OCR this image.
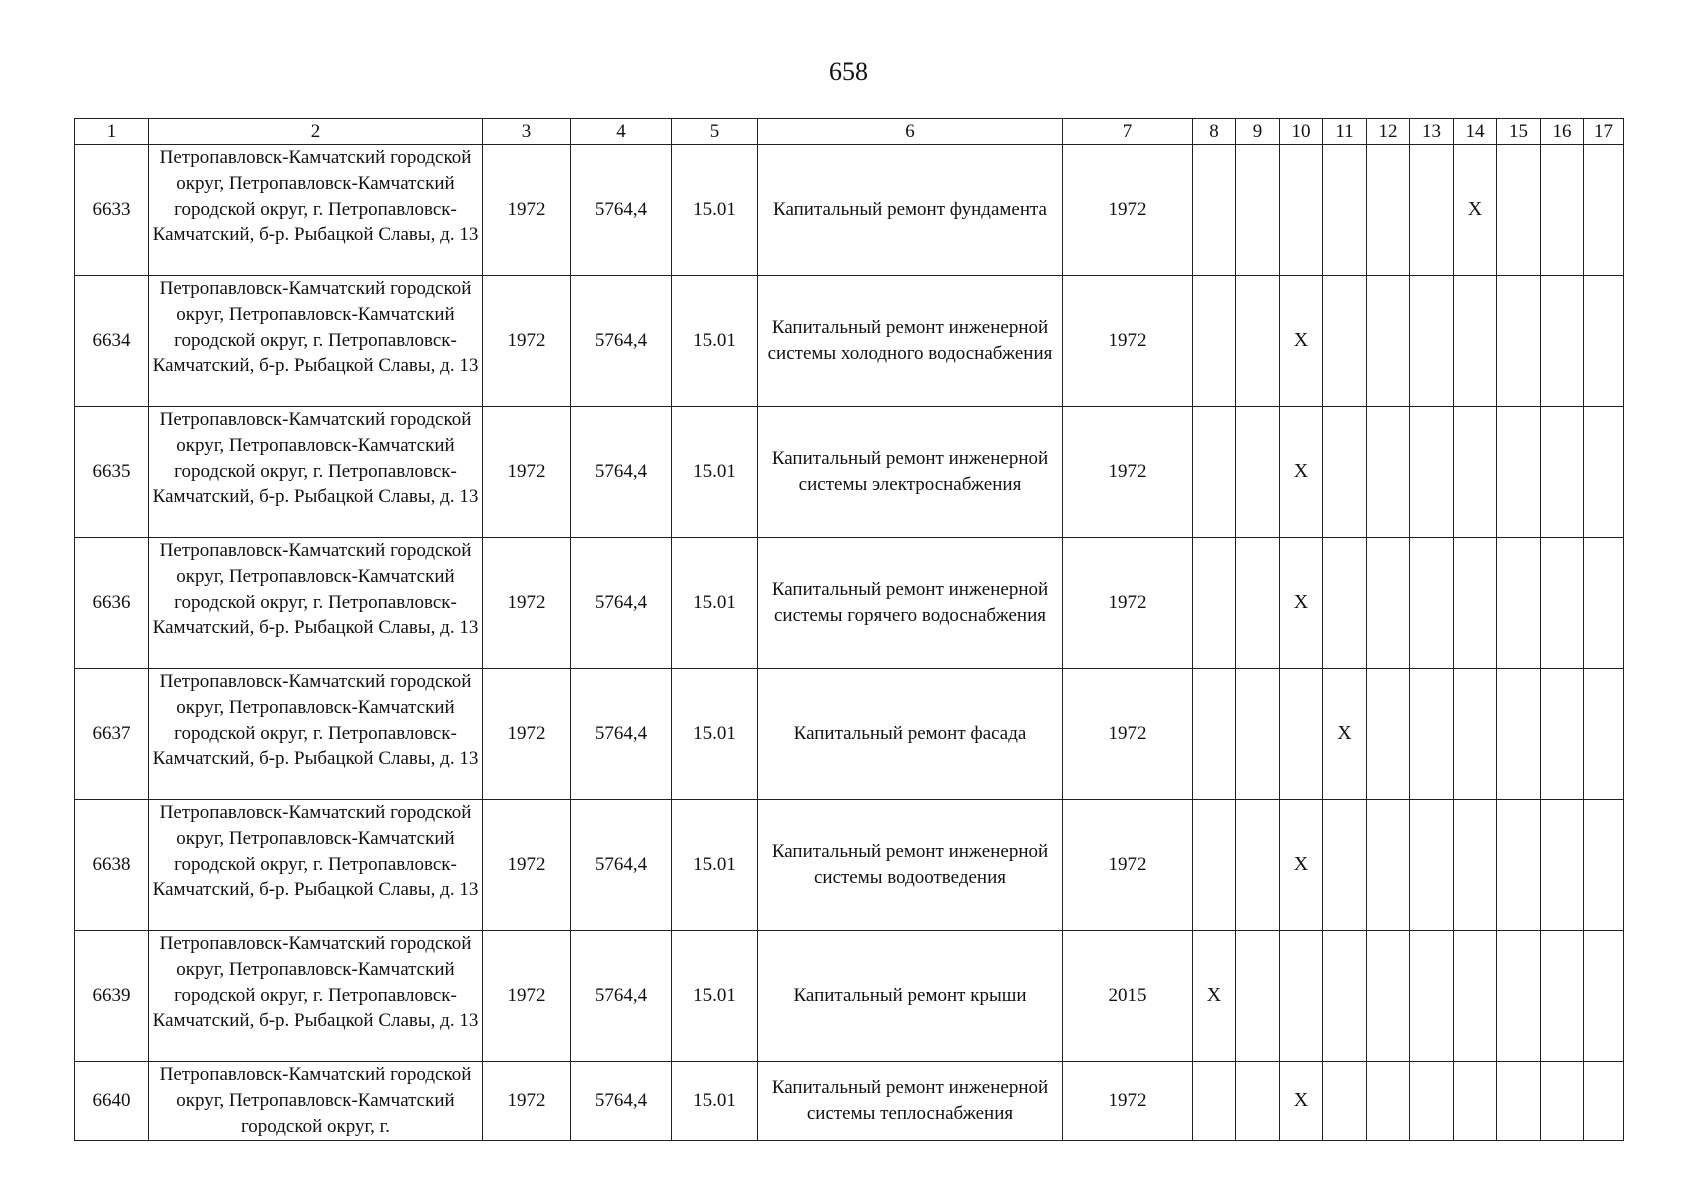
658
1	2	3	4	5	6	7	8	9	10	11	12	13	14	15	16	17
6633	Петропавловск-Камчатский городской округ, Петропавловск-Камчатский городской округ, г. Петропавловск-Камчатский, б-р. Рыбацкой Славы, д. 13	1972	5764,4	15.01	Капитальный ремонт фундамента	1972							X			
6634	Петропавловск-Камчатский городской округ, Петропавловск-Камчатский городской округ, г. Петропавловск-Камчатский, б-р. Рыбацкой Славы, д. 13	1972	5764,4	15.01	Капитальный ремонт инженерной системы холодного водоснабжения	1972			X							
6635	Петропавловск-Камчатский городской округ, Петропавловск-Камчатский городской округ, г. Петропавловск-Камчатский, б-р. Рыбацкой Славы, д. 13	1972	5764,4	15.01	Капитальный ремонт инженерной системы электроснабжения	1972			X							
6636	Петропавловск-Камчатский городской округ, Петропавловск-Камчатский городской округ, г. Петропавловск-Камчатский, б-р. Рыбацкой Славы, д. 13	1972	5764,4	15.01	Капитальный ремонт инженерной системы горячего водоснабжения	1972			X							
6637	Петропавловск-Камчатский городской округ, Петропавловск-Камчатский городской округ, г. Петропавловск-Камчатский, б-р. Рыбацкой Славы, д. 13	1972	5764,4	15.01	Капитальный ремонт фасада	1972				X						
6638	Петропавловск-Камчатский городской округ, Петропавловск-Камчатский городской округ, г. Петропавловск-Камчатский, б-р. Рыбацкой Славы, д. 13	1972	5764,4	15.01	Капитальный ремонт инженерной системы водоотведения	1972			X							
6639	Петропавловск-Камчатский городской округ, Петропавловск-Камчатский городской округ, г. Петропавловск-Камчатский, б-р. Рыбацкой Славы, д. 13	1972	5764,4	15.01	Капитальный ремонт крыши	2015	X									
6640	Петропавловск-Камчатский городской округ, Петропавловск-Камчатский городской округ, г.	1972	5764,4	15.01	Капитальный ремонт инженерной системы теплоснабжения	1972			X							
